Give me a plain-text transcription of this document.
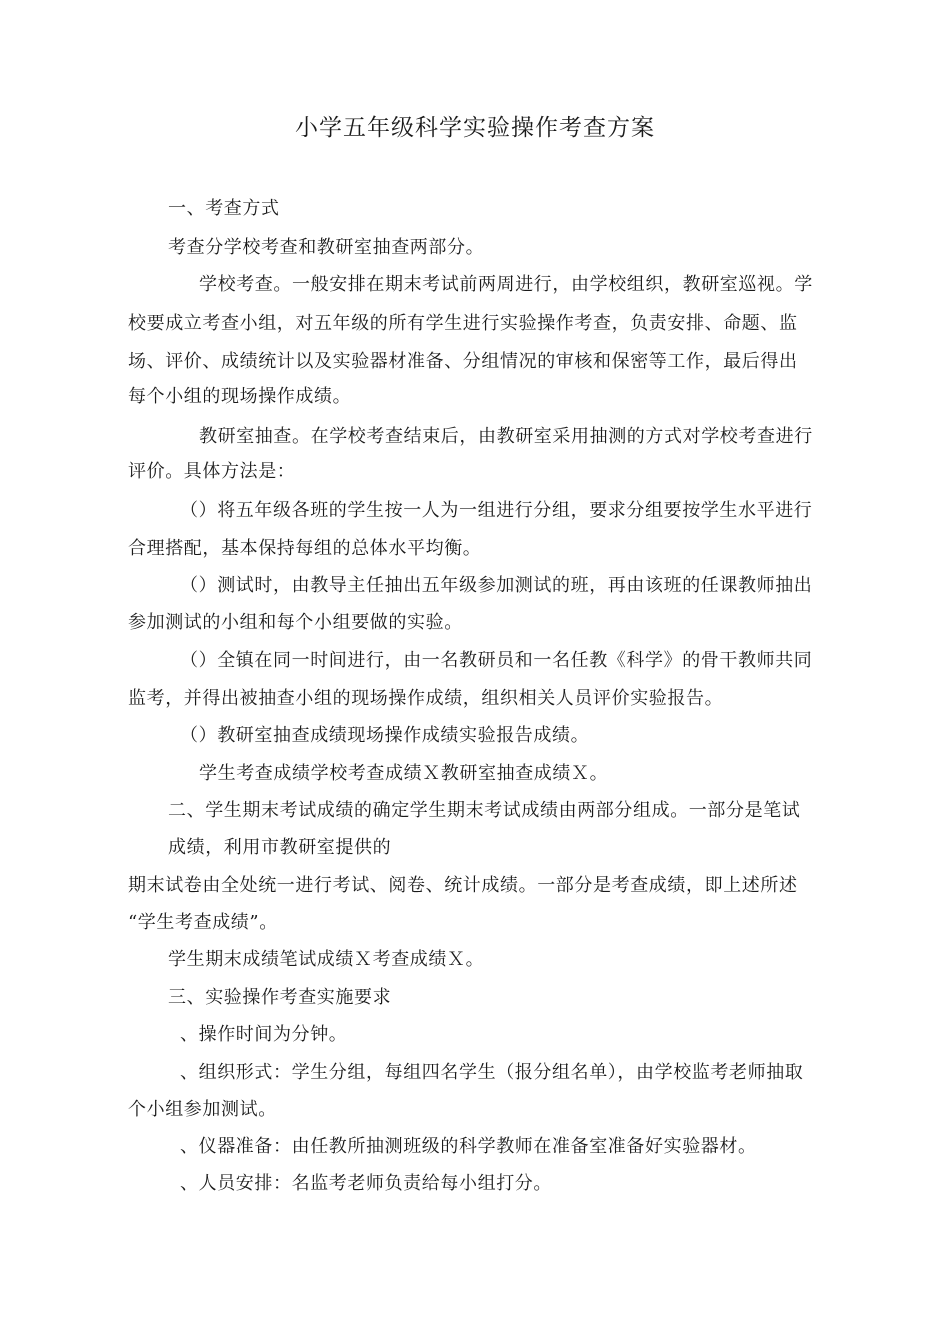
小学五年级科学实验操作考查方案
一、考查方式
考查分学校考查和教研室抽查两部分。
学校考查。一般安排在期末考试前两周进行，由学校组织，教研室巡视。学
校要成立考查小组，对五年级的所有学生进行实验操作考查，负责安排、命题、监
场、评价、成绩统计以及实验器材准备、分组情况的审核和保密等工作，最后得出
每个小组的现场操作成绩。
教研室抽查。在学校考查结束后，由教研室采用抽测的方式对学校考查进行
评价。具体方法是：
（）将五年级各班的学生按一人为一组进行分组，要求分组要按学生水平进行
合理搭配，基本保持每组的总体水平均衡。
（）测试时，由教导主任抽出五年级参加测试的班，再由该班的任课教师抽出
参加测试的小组和每个小组要做的实验。
（）全镇在同一时间进行，由一名教研员和一名任教《科学》的骨干教师共同
监考，并得出被抽查小组的现场操作成绩，组织相关人员评价实验报告。
（）教研室抽查成绩现场操作成绩实验报告成绩。
学生考查成绩学校考查成绩Ｘ教研室抽查成绩Ｘ。
二、学生期末考试成绩的确定学生期末考试成绩由两部分组成。一部分是笔试
成绩，利用市教研室提供的
期末试卷由全处统一进行考试、阅卷、统计成绩。一部分是考查成绩，即上述所述
“学生考查成绩”。
学生期末成绩笔试成绩Ｘ考查成绩Ｘ。
三、实验操作考查实施要求
、操作时间为分钟。
、组织形式：学生分组，每组四名学生（报分组名单），由学校监考老师抽取
个小组参加测试。
、仪器准备：由任教所抽测班级的科学教师在准备室准备好实验器材。
、人员安排：名监考老师负责给每小组打分。
